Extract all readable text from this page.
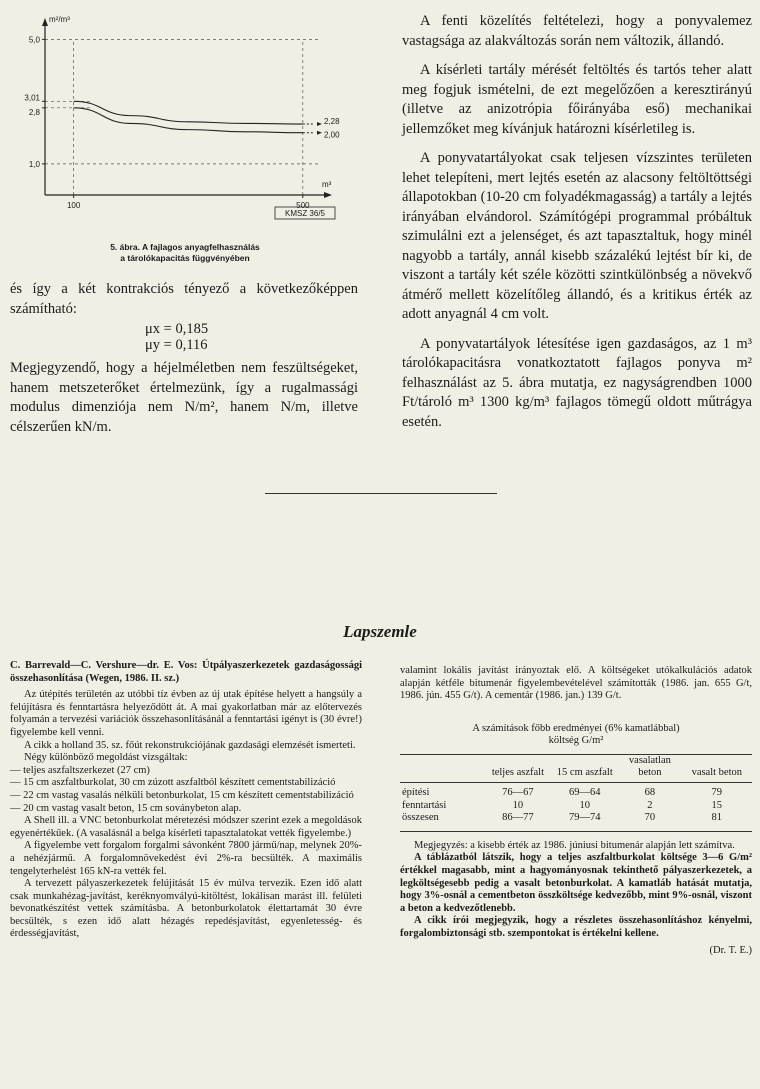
5,0
3,01
2,8
1,0
m²/m³
100	500
m³
2,28
2,00
KMSZ 36/5
5. ábra. A fajlagos anyagfelhasználás
a tárolókapacitás függvényében

és így a két kontrakciós tényező a következőképpen számítható:

μx = 0,185
μy = 0,116

Megjegyzendő, hogy a héjelméletben nem feszültségeket, hanem metszeterőket értelmezünk, így a rugalmassági modulus dimenziója nem N/m², hanem N/m, illetve célszerűen kN/m.

A fenti közelítés feltételezi, hogy a ponyvalemez vastagsága az alakváltozás során nem változik, állandó.

A kísérleti tartály mérését feltöltés és tartós teher alatt meg fogjuk ismételni, de ezt megelőzően a keresztirányú (illetve az anizotrópia főirányába eső) mechanikai jellemzőket meg kívánjuk határozni kísérletileg is.

A ponyvatartályokat csak teljesen vízszintes területen lehet telepíteni, mert lejtés esetén az alacsony feltöltöttségi állapotokban (10-20 cm folyadékmagasság) a tartály a lejtés irányában elvándorol. Számítógépi programmal próbáltuk szimulálni ezt a jelenséget, és azt tapasztaltuk, hogy minél nagyobb a tartály, annál kisebb százalékú lejtést bír ki, de viszont a tartály két széle közötti szintkülönbség a növekvő átmérő mellett közelítőleg állandó, és a kritikus érték az adott anyagnál 4 cm volt.

A ponyvatartályok létesítése igen gazdaságos, az 1 m³ tárolókapacitásra vonatkoztatott fajlagos ponyva m² felhasználást az 5. ábra mutatja, ez nagyságrendben 1000 Ft/tároló m³ 1300 kg/m³ fajlagos tömegű oldott műtrágya esetén.

Lapszemle

C. Barrevald—C. Vershure—dr. E. Vos: Útpályaszerkezetek gazdaságossági összehasonlítása (Wegen, 1986. II. sz.)

Az útépítés területén az utóbbi tíz évben az új utak építése helyett a hangsúly a felújításra és fenntartásra helyeződött át. A mai gyakorlatban már az előtervezés folyamán a tervezési variációk összehasonlításánál a fenntartási igényt is (30 évre!) figyelembe kell venni.

A cikk a holland 35. sz. főút rekonstrukciójának gazdasági elemzését ismerteti.

Négy különböző megoldást vizsgáltak:

— teljes aszfaltszerkezet (27 cm)

— 15 cm aszfaltburkolat, 30 cm zúzott aszfaltból készített cementstabilizáció

— 22 cm vastag vasalás nélküli betonburkolat, 15 cm készített cementstabilizáció

— 20 cm vastag vasalt beton, 15 cm soványbeton alap.

A Shell ill. a VNC betonburkolat méretezési módszer szerint ezek a megoldások egyenértékűek. (A vasalásnál a belga kísérleti tapasztalatokat vették figyelembe.)

A figyelembe vett forgalom forgalmi sávonként 7800 jármű/nap, melynek 20%-a nehézjármű. A forgalomnövekedést évi 2%-ra becsülték. A maximális tengelyterhelést 165 kN-ra vették fel.

A tervezett pályaszerkezetek felújítását 15 év múlva tervezik. Ezen idő alatt csak munkahézag-javítást, keréknyomvályú-kitöltést, lokálisan marást ill. felületi bevonatkészítést vettek számításba. A betonburkolatok élettartamát 30 évre becsülték, s ezen idő alatt hézagés repedésjavítást, egyenletesség- és érdességjavítást,

valamint lokális javítást irányoztak elő. A költségeket utókalkulációs adatok alapján kétféle bitumenár figyelembevételével számították (1986. jan. 655 G/t, 1986. jún. 455 G/t). A cementár (1986. jan.) 139 G/t.

A számítások főbb eredményei (6% kamatlábbal)
költség G/m²
	teljes aszfalt	15 cm aszfalt	vasalatlan beton	vasalt beton

építési	76—67	69—64	68	79
fenntartási	10	10	2	15
összesen	86—77	79—74	70	81

Megjegyzés: a kisebb érték az 1986. júniusi bitumenár alapján lett számítva.

A táblázatból látszik, hogy a teljes aszfaltburkolat költsége 3—6 G/m² értékkel magasabb, mint a hagyományosnak tekinthető pályaszerkezetek, a legköltségesebb pedig a vasalt betonburkolat. A kamatláb hatását mutatja, hogy 3%-osnál a cementbeton összköltsége kedvezőbb, mint 9%-osnál, viszont a beton a kedvezőtlenebb.

A cikk írói megjegyzik, hogy a részletes összehasonlításhoz kényelmi, forgalombiztonsági stb. szempontokat is értékelni kellene.

(Dr. T. E.)
